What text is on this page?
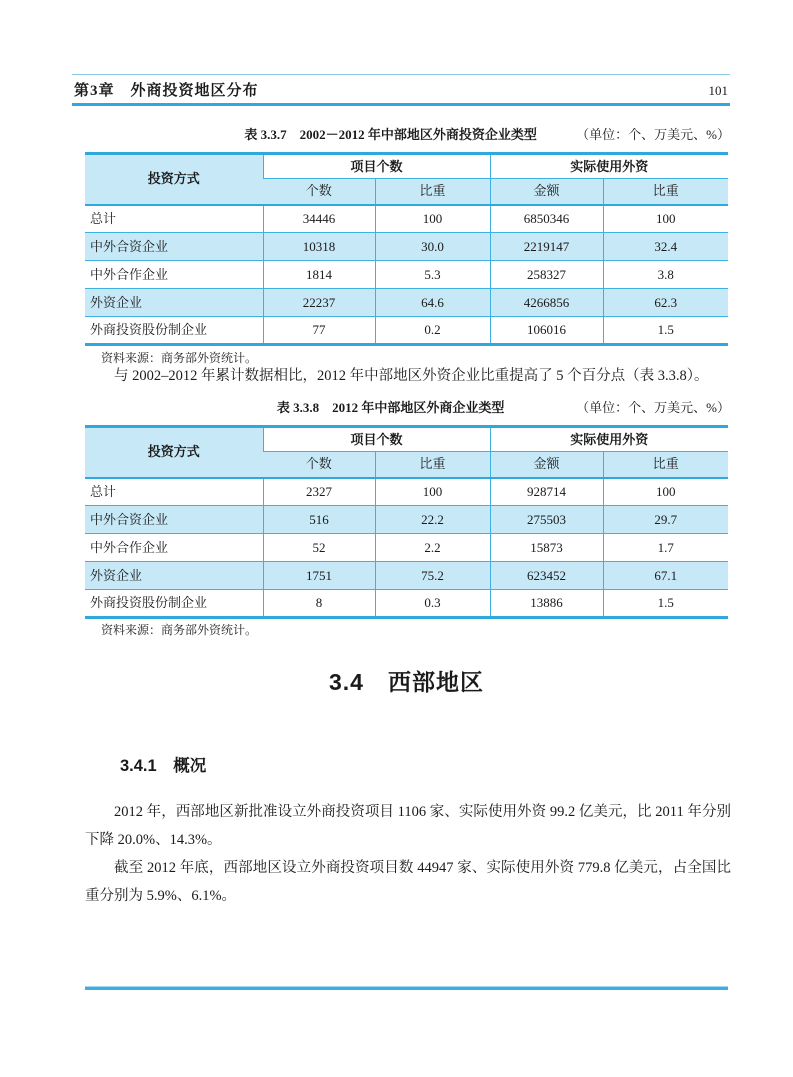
第3章　外商投资地区分布	101
表 3.3.7　2002－2012 年中部地区外商投资企业类型	（单位：个、万美元、%）
投资方式	项目个数		实际使用外资	
	个数	比重	金额	比重
总计	34446	100	6850346	100
中外合资企业	10318	30.0	2219147	32.4
中外合作企业	1814	5.3	258327	3.8
外资企业	22237	64.6	4266856	62.3
外商投资股份制企业	77	0.2	106016	1.5
资料来源：商务部外资统计。

与 2002–2012 年累计数据相比，2012 年中部地区外资企业比重提高了 5 个百分点（表 3.3.8）。

表 3.3.8　2012 年中部地区外商企业类型	（单位：个、万美元、%）
投资方式	项目个数		实际使用外资	
	个数	比重	金额	比重
总计	2327	100	928714	100
中外合资企业	516	22.2	275503	29.7
中外合作企业	52	2.2	15873	1.7
外资企业	1751	75.2	623452	67.1
外商投资股份制企业	8	0.3	13886	1.5
资料来源：商务部外资统计。
3.4　西部地区
3.4.1　概况

2012 年，西部地区新批准设立外商投资项目 1106 家、实际使用外资 99.2 亿美元，比 2011 年分别下降 20.0%、14.3%。

截至 2012 年底，西部地区设立外商投资项目数 44947 家、实际使用外资 779.8 亿美元，占全国比重分别为 5.9%、6.1%。
